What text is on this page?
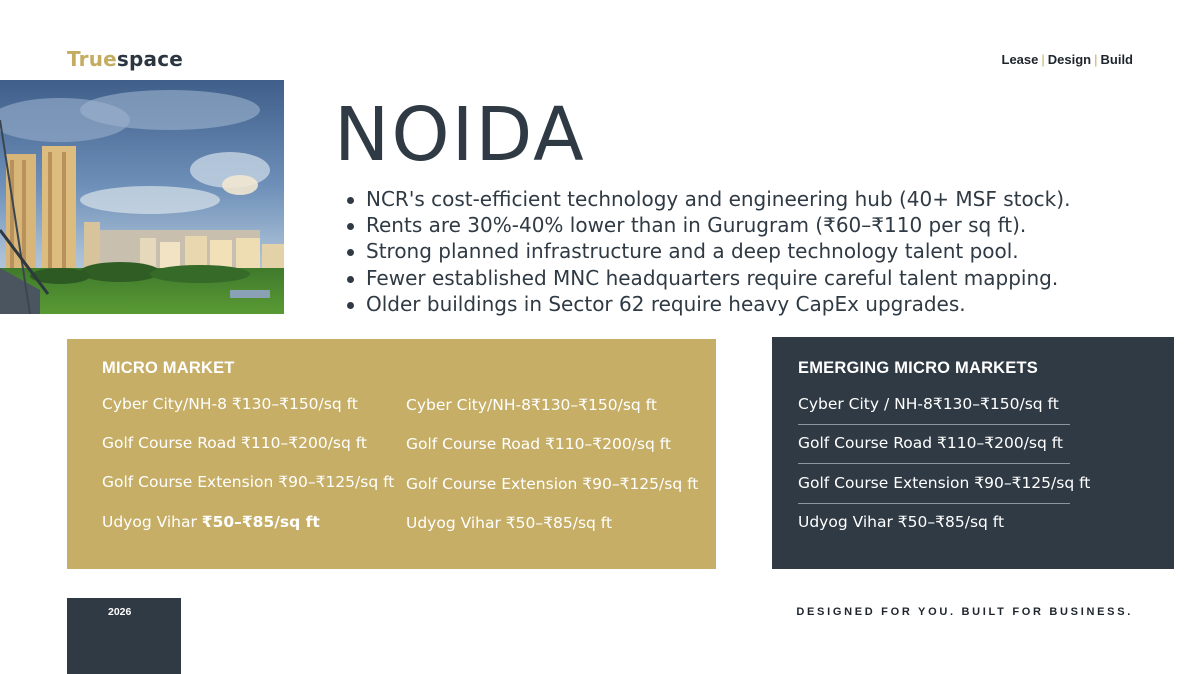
Truespace	Lease | Design | Build
NOIDA
NCR's cost-efficient technology and engineering hub (40+ MSF stock).
Rents are 30%-40% lower than in Gurugram (₹60–₹110 per sq ft).
Strong planned infrastructure and a deep technology talent pool.
Fewer established MNC headquarters require careful talent mapping.
Older buildings in Sector 62 require heavy CapEx upgrades.
MICRO MARKET
Cyber City/NH-8 ₹130–₹150/sq ft
Golf Course Road ₹110–₹200/sq ft
Golf Course Extension ₹90–₹125/sq ft
Udyog Vihar ₹50–₹85/sq ft
Cyber City/NH-8₹130–₹150/sq ft
Golf Course Road ₹110–₹200/sq ft
Golf Course Extension ₹90–₹125/sq ft
Udyog Vihar ₹50–₹85/sq ft
EMERGING MICRO MARKETS
Cyber City / NH-8₹130–₹150/sq ft
Golf Course Road ₹110–₹200/sq ft
Golf Course Extension ₹90–₹125/sq ft
Udyog Vihar ₹50–₹85/sq ft
2026	DESIGNED FOR YOU. BUILT FOR BUSINESS.
